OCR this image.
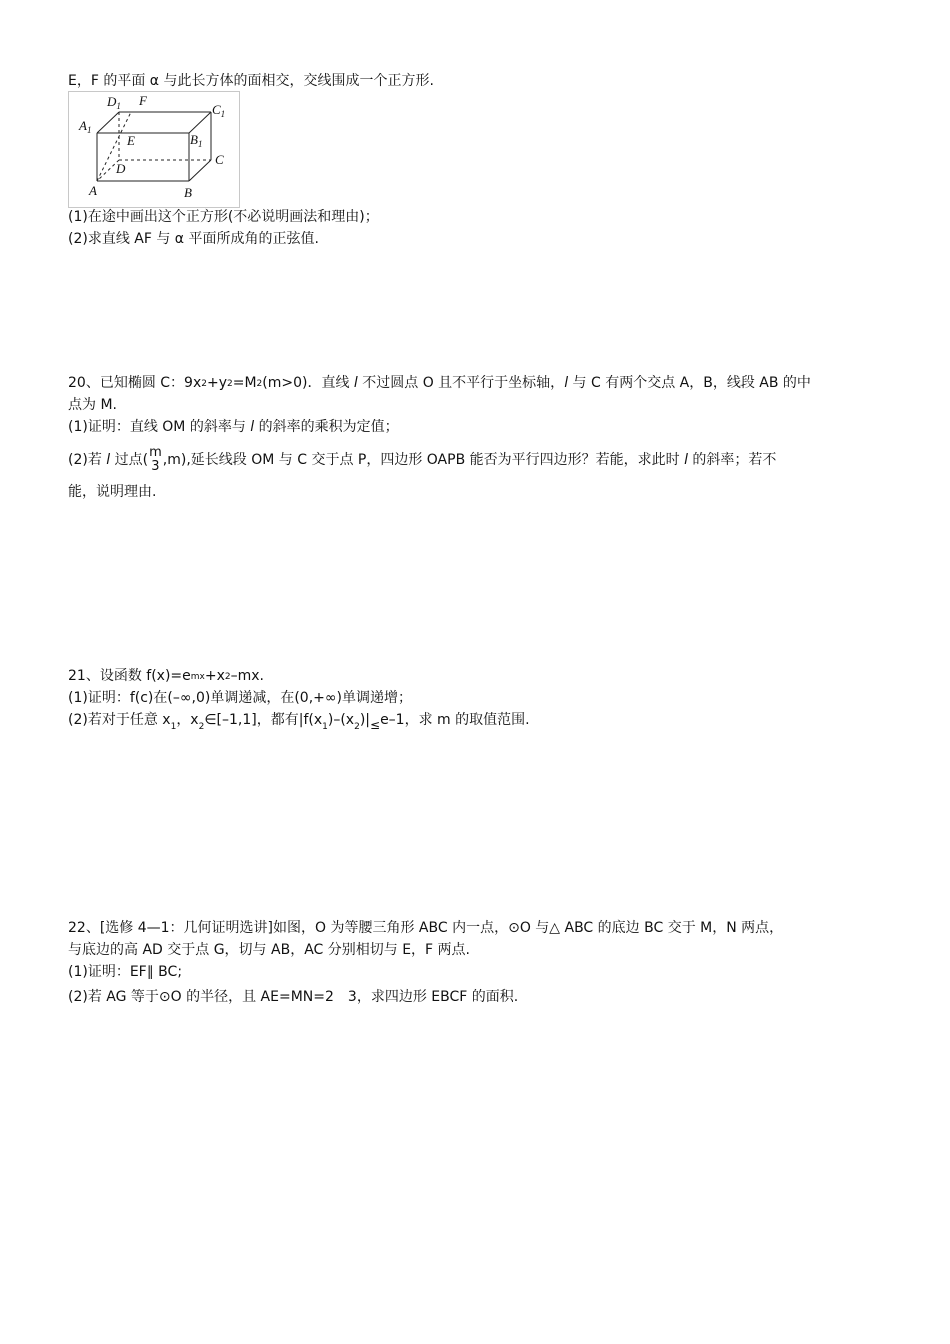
E，F 的平面 α 与此长方体的面相交，交线围成一个正方形.
$D_1$ F
$C_1$
$A_1$
E	$B_1$
C
D
A	B
(1)在途中画出这个正方形(不必说明画法和理由)；
(2)求直线 AF 与 α 平面所成角的正弦值.
20、已知椭圆 C：9x2+y2=M2(m>0)．直线 l 不过圆点 O 且不平行于坐标轴，l 与 C 有两个交点 A，B，线段 AB 的中
点为 M.
(1)证明：直线 OM 的斜率与 l 的斜率的乘积为定值；
(2)若 l 过点( m
3 ,m),延长线段 OM 与 C 交于点 P，四边形 OAPB 能否为平行四边形？若能，求此时 l 的斜率；若不
能，说明理由.
21、设函数 f(x)=emx+x2–mx.
(1)证明：f(c)在(–∞,0)单调递减，在(0,+∞)单调递增；
(2)若对于任意 $x_1$，$x_2\in[-1,1]$，都有$|f(x_1)-(x_2)|\le e-1$，求 m 的取值范围.
22、[选修 4—1：几何证明选讲]如图，O 为等腰三角形 ABC 内一点，⊙O 与△ ABC 的底边 BC 交于 M，N 两点，
与底边的高 AD 交于点 G，切与 AB，AC 分别相切与 E，F 两点.
(1)证明：EF∥ BC;
(2)若 AG 等于⊙O 的半径，且 AE=MN=2 3，求四边形 EBCF 的面积.
